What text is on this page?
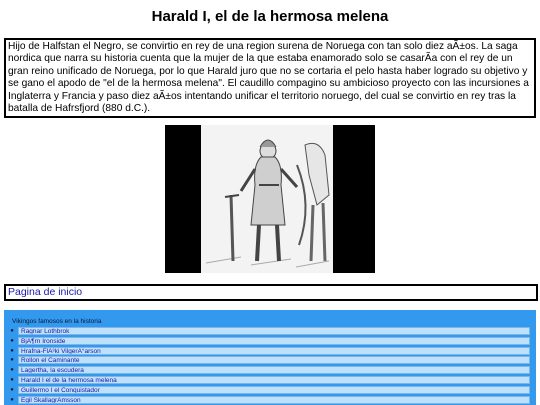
Harald I, el de la hermosa melena
Hijo de Halfstan el Negro, se convirtio en rey de una region surena de Noruega con tan solo diez aÃ±os. La saga nordica que narra su historia cuenta que la mujer de la que estaba enamorado solo se casarÃa con el rey de un gran reino unificado de Noruega, por lo que Harald juro que no se cortaria el pelo hasta haber logrado su objetivo y se gano el apodo de "el de la hermosa melena". El caudillo compagino su ambicioso proyecto con las incursiones a Inglaterra y Francia y paso diez aÃ±os intentando unificar el territorio noruego, del cual se convirtio en rey tras la batalla de Hafrsfjord (880 d.C.).
Pagina de inicio
Vikingos famosos en la historia
●	Ragnar Lothbrok
●	BjÃ¶rn Ironside
●	Hrafna-FlÃ³ki VilgerÃ°arson
●	Rollon el Caminante
●	Lagertha, la escudera
●	Harald I el de la hermosa melena
●	Guillermo I el Conquistador
●	Egil SkallagrÃmsson
